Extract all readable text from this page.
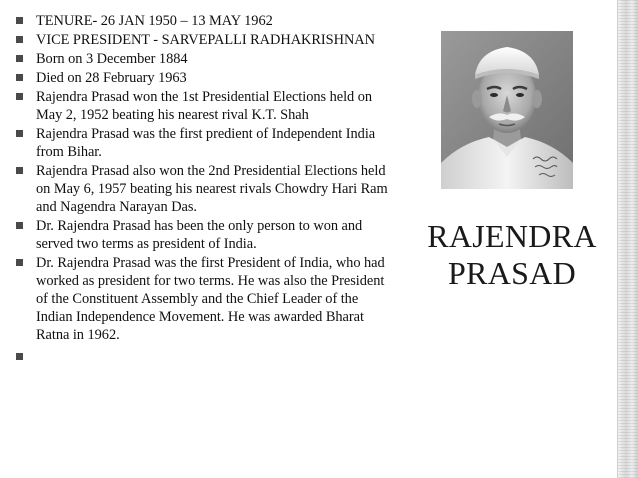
TENURE- 26 JAN 1950 – 13 MAY 1962
VICE PRESIDENT - SARVEPALLI RADHAKRISHNAN
Born on 3 December 1884
Died on 28 February 1963
Rajendra Prasad won the 1st Presidential Elections held on May 2, 1952 beating his nearest rival K.T. Shah
Rajendra Prasad was the first predient of Independent India from Bihar.
Rajendra Prasad also won the 2nd Presidential Elections held on May 6, 1957 beating his nearest rivals Chowdry Hari Ram and Nagendra Narayan Das.
Dr. Rajendra Prasad has been the only person to won and served two terms as president of India.
Dr. Rajendra Prasad was the first President of India, who had worked as president for two terms. He was also the President of the Constituent Assembly and the Chief Leader of the Indian Independence Movement. He was awarded Bharat Ratna in 1962.
RAJENDRA
PRASAD
